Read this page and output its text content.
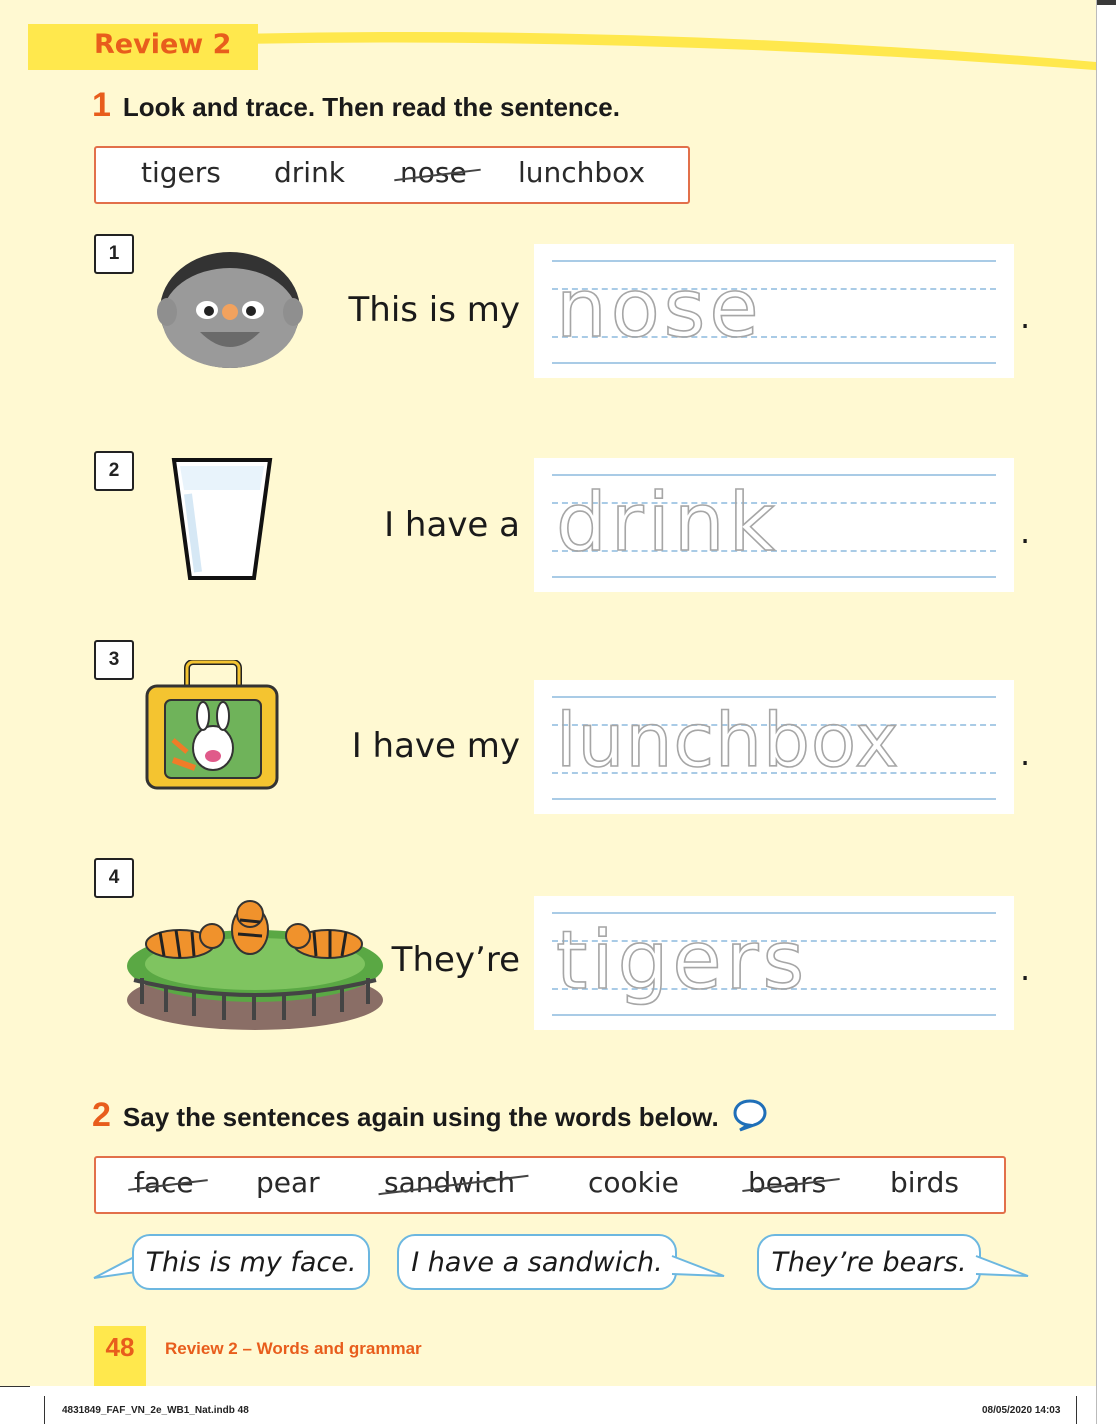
Review 2
1 Look and trace. Then read the sentence.
tigers drink nose lunchbox
1
This is my nose	.
2
I have a drink	.
3
I have my lunchbox	.
4
They’re tigers	.
2 Say the sentences again using the words below.
face pear sandwich	cookie bears birds
This is my face.	I have a sandwich.	They’re bears.
48	Review 2 – Words and grammar
4831849_FAF_VN_2e_WB1_Nat.indb 48	08/05/2020 14:03
